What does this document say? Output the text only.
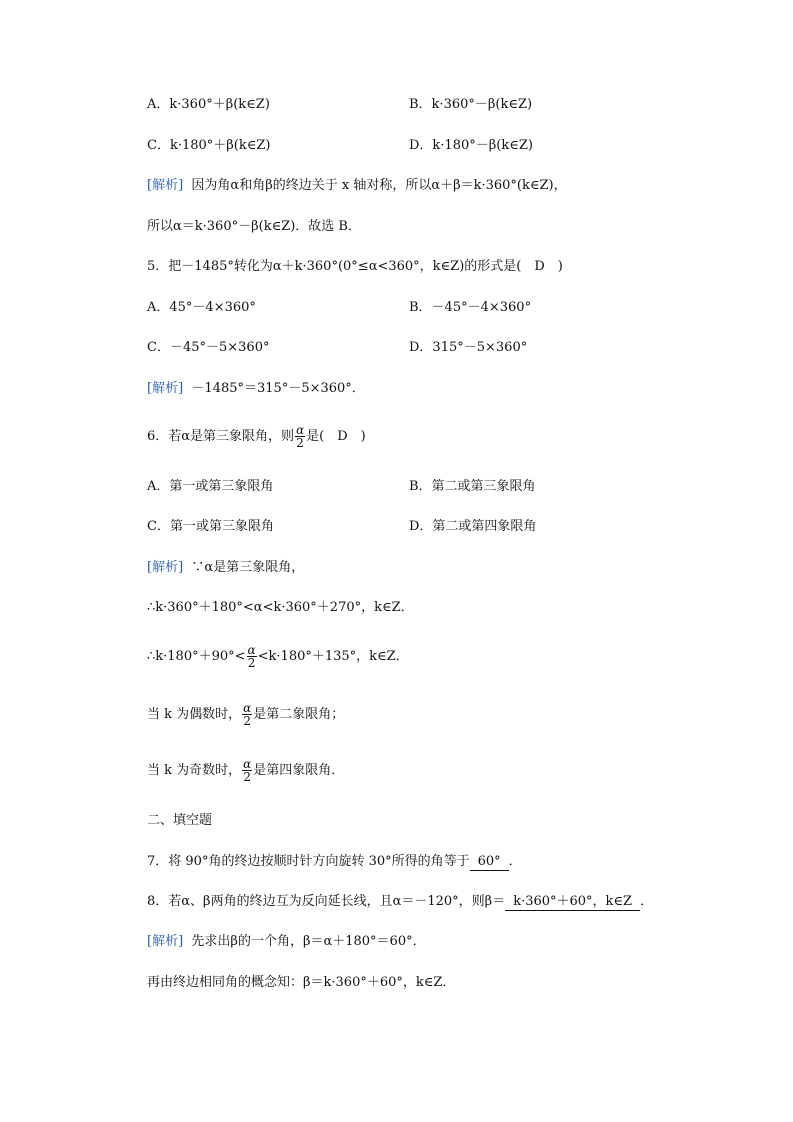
A．k·360°＋β(k∈Z)	B．k·360°－β(k∈Z)
C．k·180°＋β(k∈Z)	D．k·180°－β(k∈Z)
[解析] 因为角α和角β的终边关于 x 轴对称，所以α＋β＝k·360°(k∈Z)，
所以α＝k·360°－β(k∈Z)．故选 B．
5．把－1485°转化为α＋k·360°(0°≤α<360°，k∈Z)的形式是(　D　)
A．45°－4×360°	B．－45°－4×360°
C．－45°－5×360°	D．315°－5×360°
[解析] －1485°＝315°－5×360°．
6．若α是第三象限角，则 $\frac{\alpha}{2}$ 是(　D　)
A．第一或第三象限角	B．第二或第三象限角
C．第一或第三象限角	D．第二或第四象限角
[解析] ∵α是第三象限角，
∴k·360°＋180°<α<k·360°＋270°，k∈Z．
∴k·180°＋90°< $\frac{\alpha}{2} <k\cdot 180^\circ+135^\circ$，k∈Z．
当 k 为偶数时， $\frac{\alpha}{2}$ 是第二象限角；
当 k 为奇数时， $\frac{\alpha}{2}$ 是第四象限角．
二、填空题
7．将 90°角的终边按顺时针方向旋转 30°所得的角等于 60° ．
8．若α、β两角的终边互为反向延长线，且α＝－120°，则β＝ k·360°＋60°，k∈Z ．
[解析] 先求出β的一个角，β＝α＋180°＝60°．
再由终边相同角的概念知：β＝k·360°＋60°，k∈Z．
